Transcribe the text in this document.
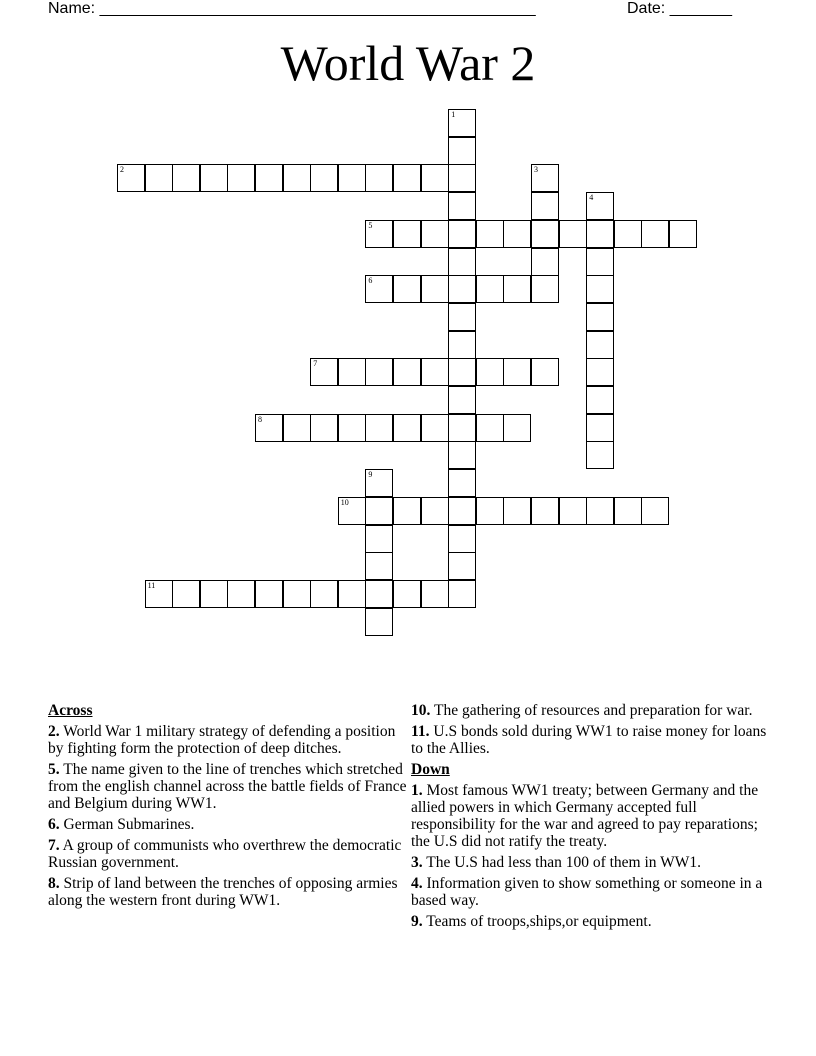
Name: _________________________________________________

	Date: _______

World War 2
1
2	3
4
5
6
7
8
9
10
11
Across
2. World War 1 military strategy of defending a position by fighting form the protection of deep ditches.
5. The name given to the line of trenches which stretched from the english channel across the battle fields of France and Belgium during WW1.
6. German Submarines.
7. A group of communists who overthrew the democratic Russian government.
8. Strip of land between the trenches of opposing armies along the western front during WW1.
10. The gathering of resources and preparation for war.
11. U.S bonds sold during WW1 to raise money for loans to the Allies.
Down
1. Most famous WW1 treaty; between Germany and the allied powers in which Germany accepted full responsibility for the war and agreed to pay reparations; the U.S did not ratify the treaty.
3. The U.S had less than 100 of them in WW1.
4. Information given to show something or someone in a based way.
9. Teams of troops,ships,or equipment.
